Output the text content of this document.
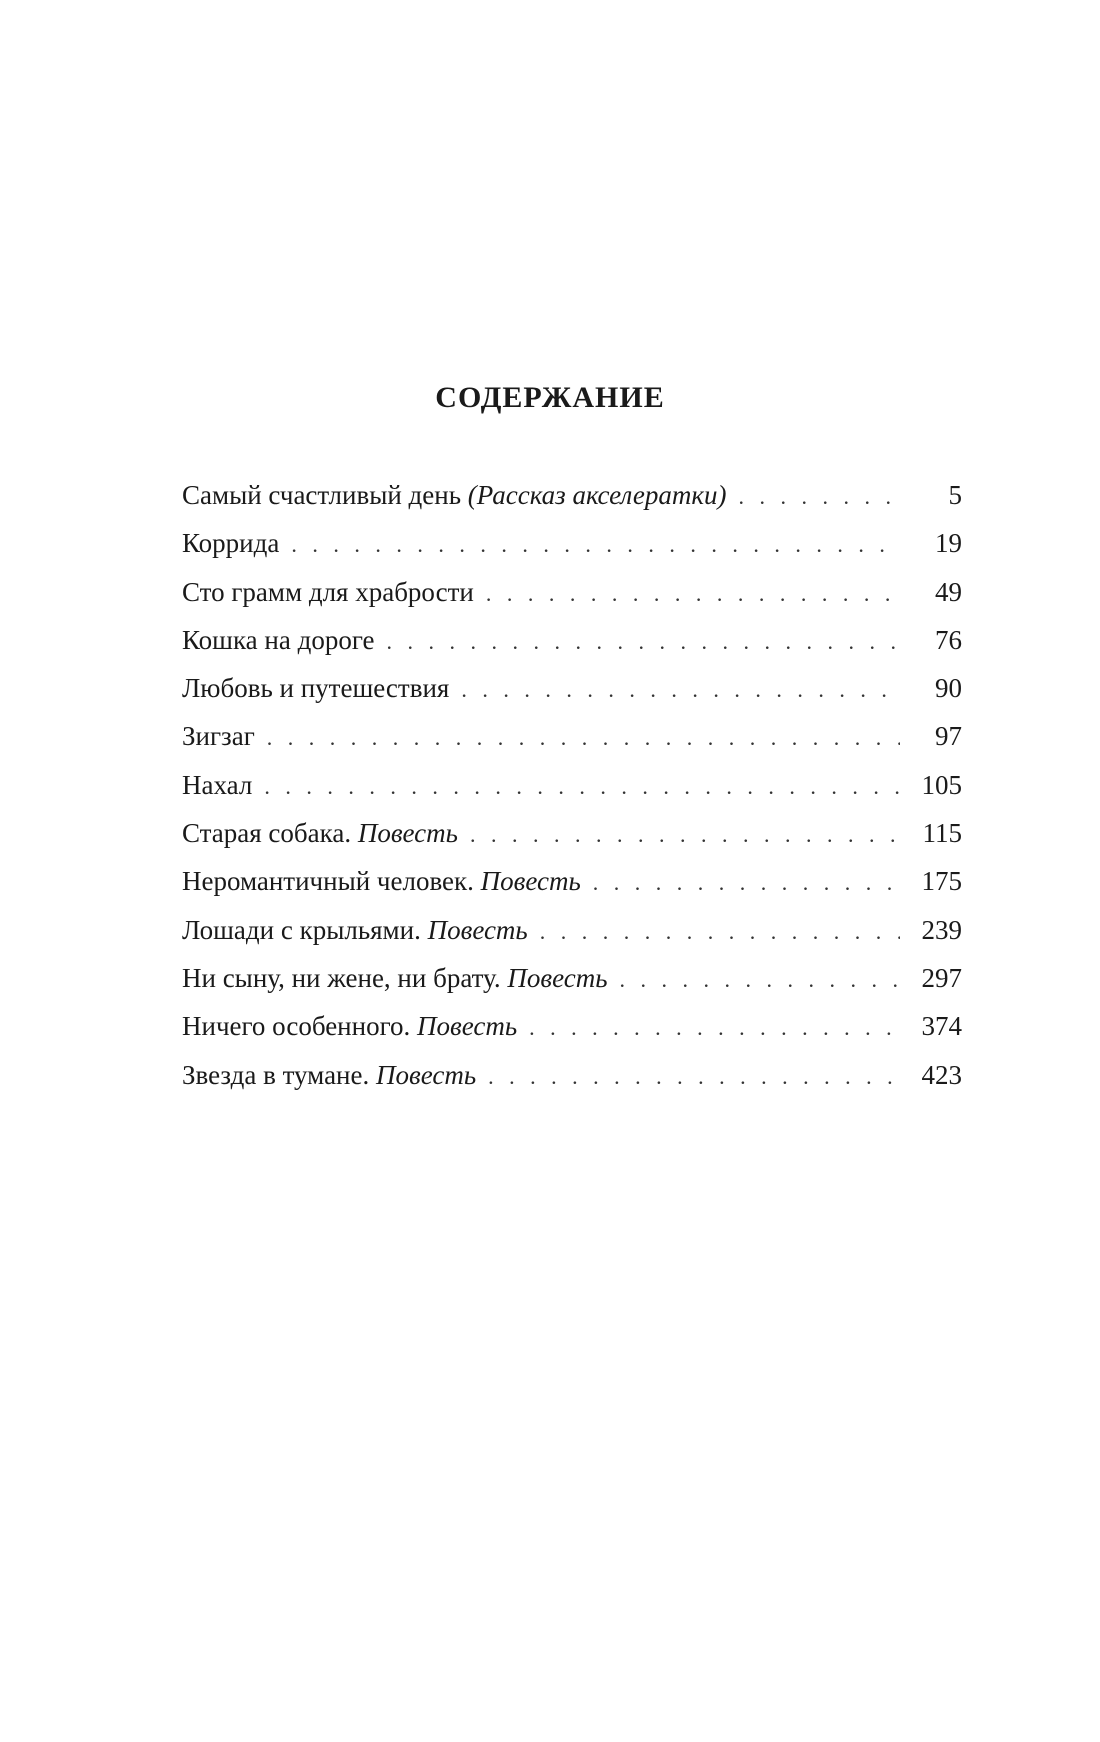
СОДЕРЖАНИЕ
Самый счастливый день (Рассказ акселератки) . . .	5
Коррида . . .	19
Сто грамм для храбрости . . .	49
Кошка на дороге . . .	76
Любовь и путешествия . . .	90
Зигзаг . . .	97
Нахал . . .	105
Старая собака. Повесть . . .	115
Неромантичный человек. Повесть . . .	175
Лошади с крыльями. Повесть . . .	239
Ни сыну, ни жене, ни брату. Повесть . . .	297
Ничего особенного. Повесть . . .	374
Звезда в тумане. Повесть . . .	423
